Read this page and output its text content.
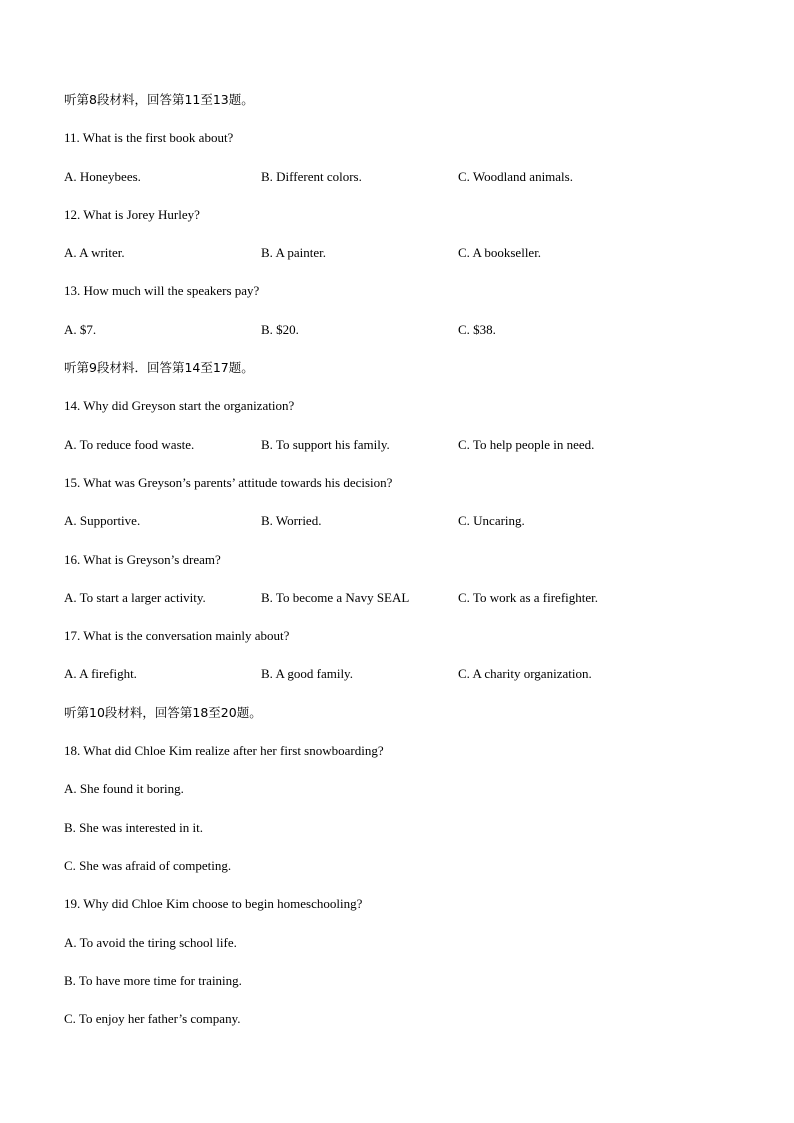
听第8段材料，回答第11至13题。
11. What is the first book about?
A. Honeybees.	B. Different colors.	C. Woodland animals.
12. What is Jorey Hurley?
A. A writer.	B. A painter.	C. A bookseller.
13. How much will the speakers pay?
A. $7.	B. $20.	C. $38.
听第9段材料．回答第14至17题。
14. Why did Greyson start the organization?
A. To reduce food waste.	B. To support his family.	C. To help people in need.
15. What was Greyson’s parents’ attitude towards his decision?
A. Supportive.	B. Worried.	C. Uncaring.
16. What is Greyson’s dream?
A. To start a larger activity.	B. To become a Navy SEAL	C. To work as a firefighter.
17. What is the conversation mainly about?
A. A firefight.	B. A good family.	C. A charity organization.
听第10段材料，回答第18至20题。
18. What did Chloe Kim realize after her first snowboarding?
A. She found it boring.
B. She was interested in it.
C. She was afraid of competing.
19. Why did Chloe Kim choose to begin homeschooling?
A. To avoid the tiring school life.
B. To have more time for training.
C. To enjoy her father’s company.
